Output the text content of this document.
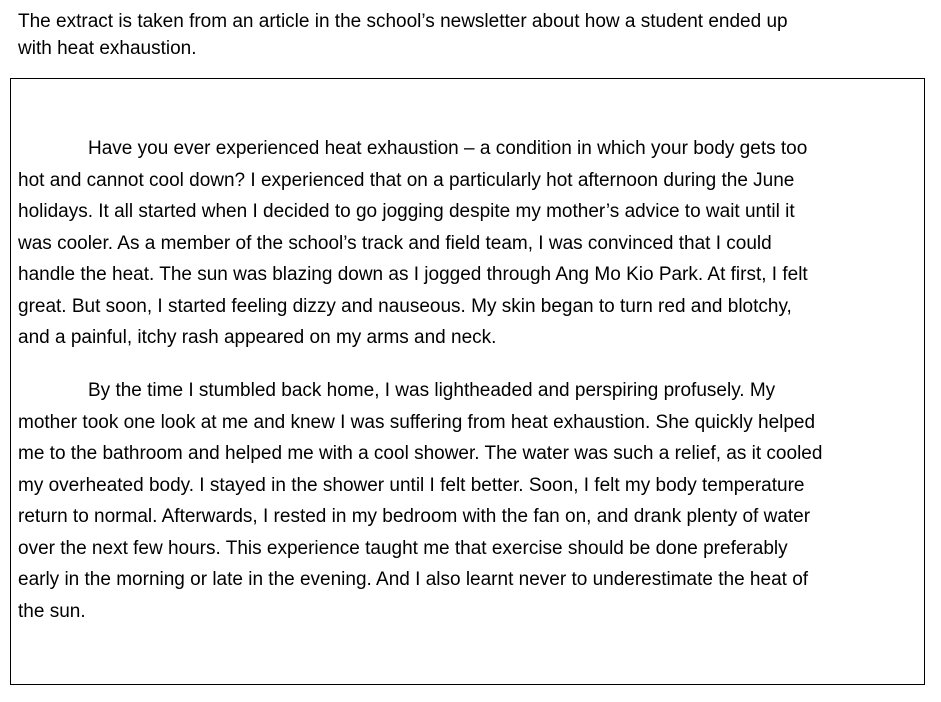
The extract is taken from an article in the school’s newsletter about how a student ended up
with heat exhaustion.
Have you ever experienced heat exhaustion – a condition in which your body gets too
hot and cannot cool down? I experienced that on a particularly hot afternoon during the June
holidays. It all started when I decided to go jogging despite my mother’s advice to wait until it
was cooler. As a member of the school’s track and field team, I was convinced that I could
handle the heat. The sun was blazing down as I jogged through Ang Mo Kio Park. At first, I felt
great. But soon, I started feeling dizzy and nauseous. My skin began to turn red and blotchy,
and a painful, itchy rash appeared on my arms and neck.
By the time I stumbled back home, I was lightheaded and perspiring profusely. My
mother took one look at me and knew I was suffering from heat exhaustion. She quickly helped
me to the bathroom and helped me with a cool shower. The water was such a relief, as it cooled
my overheated body. I stayed in the shower until I felt better. Soon, I felt my body temperature
return to normal. Afterwards, I rested in my bedroom with the fan on, and drank plenty of water
over the next few hours. This experience taught me that exercise should be done preferably
early in the morning or late in the evening. And I also learnt never to underestimate the heat of
the sun.
